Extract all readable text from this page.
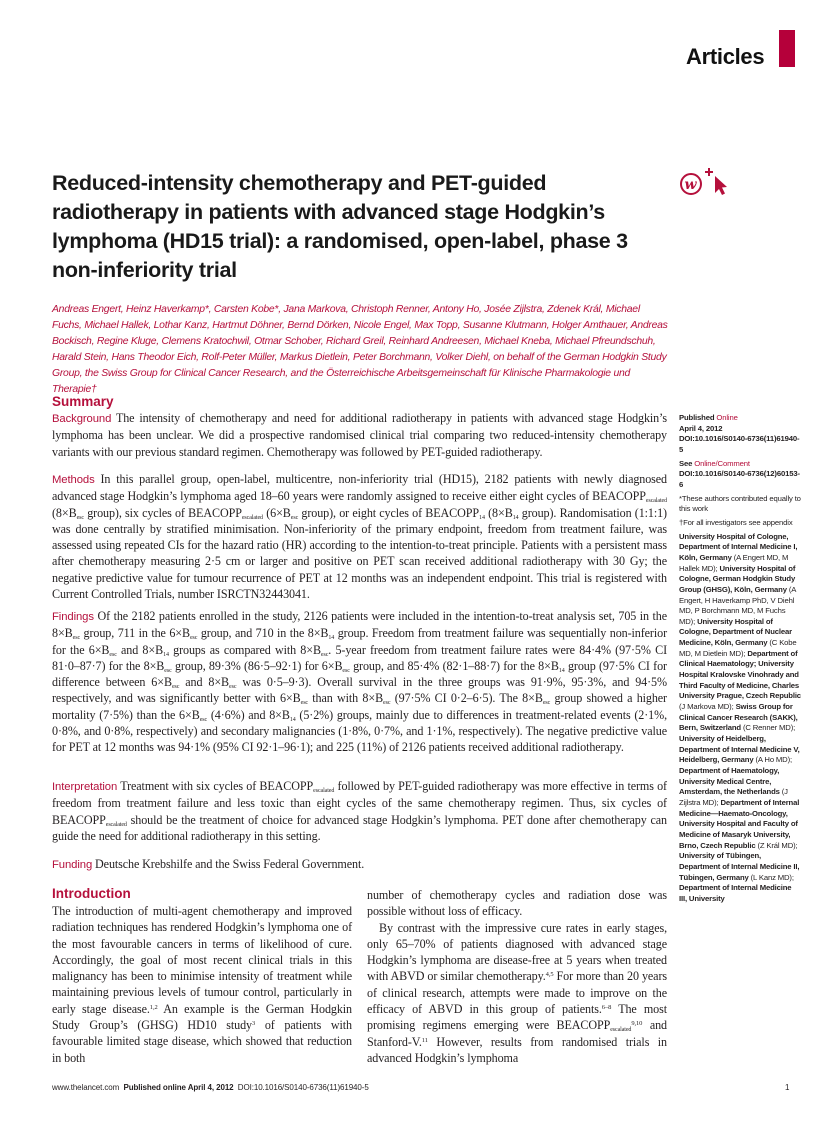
Articles
Reduced-intensity chemotherapy and PET-guided radiotherapy in patients with advanced stage Hodgkin’s lymphoma (HD15 trial): a randomised, open-label, phase 3 non-inferiority trial
w
Andreas Engert, Heinz Haverkamp*, Carsten Kobe*, Jana Markova, Christoph Renner, Antony Ho, Josée Zijlstra, Zdenek Král, Michael Fuchs, Michael Hallek, Lothar Kanz, Hartmut Döhner, Bernd Dörken, Nicole Engel, Max Topp, Susanne Klutmann, Holger Amthauer, Andreas Bockisch, Regine Kluge, Clemens Kratochwil, Otmar Schober, Richard Greil, Reinhard Andreesen, Michael Kneba, Michael Pfreundschuh, Harald Stein, Hans Theodor Eich, Rolf-Peter Müller, Markus Dietlein, Peter Borchmann, Volker Diehl, on behalf of the German Hodgkin Study Group, the Swiss Group for Clinical Cancer Research, and the Österreichische Arbeitsgemeinschaft für Klinische Pharmakologie und Therapie†
Summary

Background The intensity of chemotherapy and need for additional radiotherapy in patients with advanced stage Hodgkin’s lymphoma has been unclear. We did a prospective randomised clinical trial comparing two reduced-intensity chemotherapy variants with our previous standard regimen. Chemotherapy was followed by PET-guided radiotherapy.

Methods In this parallel group, open-label, multicentre, non-inferiority trial (HD15), 2182 patients with newly diagnosed advanced stage Hodgkin’s lymphoma aged 18–60 years were randomly assigned to receive either eight cycles of $BEACOPP_{escalated}$ ($8\times B_{esc}$ group), six cycles of $BEACOPP_{escalated}$ ($6\times B_{esc}$ group), or eight cycles of $BEACOPP_{14}$ ($8\times B_{14}$ group). Randomisation (1:1:1) was done centrally by stratified minimisation. Non-inferiority of the primary endpoint, freedom from treatment failure, was assessed using repeated CIs for the hazard ratio (HR) according to the intention-to-treat principle. Patients with a persistent mass after chemotherapy measuring 2·5 cm or larger and positive on PET scan received additional radiotherapy with 30 Gy; the negative predictive value for tumour recurrence of PET at 12 months was an independent endpoint. This trial is registered with Current Controlled Trials, number ISRCTN32443041.

Findings Of the 2182 patients enrolled in the study, 2126 patients were included in the intention-to-treat analysis set, 705 in the $8\times B_{esc}$ group, 711 in the $6\times B_{esc}$ group, and 710 in the $8\times B_{14}$ group. Freedom from treatment failure was sequentially non-inferior for the $6\times B_{esc}$ and $8\times B_{14}$ groups as compared with $8\times B_{esc}$. 5-year freedom from treatment failure rates were 84·4% (97·5% CI 81·0–87·7) for the $8\times B_{esc}$ group, 89·3% (86·5–92·1) for $6\times B_{esc}$ group, and 85·4% (82·1–88·7) for the $8\times B_{14}$ group (97·5% CI for difference between $6\times B_{esc}$ and $8\times B_{esc}$ was 0·5–9·3). Overall survival in the three groups was 91·9%, 95·3%, and 94·5% respectively, and was significantly better with $6\times B_{esc}$ than with $8\times B_{esc}$ (97·5% CI 0·2–6·5). The $8\times B_{esc}$ group showed a higher mortality (7·5%) than the $6\times B_{esc}$ (4·6%) and $8\times B_{14}$ (5·2%) groups, mainly due to differences in treatment-related events (2·1%, 0·8%, and 0·8%, respectively) and secondary malignancies (1·8%, 0·7%, and 1·1%, respectively). The negative predictive value for PET at 12 months was 94·1% (95% CI 92·1–96·1); and 225 (11%) of 2126 patients received additional radiotherapy.

Interpretation Treatment with six cycles of $BEACOPP_{escalated}$ followed by PET-guided radiotherapy was more effective in terms of freedom from treatment failure and less toxic than eight cycles of the same chemotherapy regimen. Thus, six cycles of $BEACOPP_{escalated}$ should be the treatment of choice for advanced stage Hodgkin’s lymphoma. PET done after chemotherapy can guide the need for additional radiotherapy in this setting.

Funding Deutsche Krebshilfe and the Swiss Federal Government.

Introduction
The introduction of multi-agent chemotherapy and improved radiation techniques has rendered Hodgkin’s lymphoma one of the most favourable cancers in terms of likelihood of cure. Accordingly, the goal of most recent clinical trials in this malignancy has been to minimise intensity of treatment while maintaining previous levels of tumour control, particularly in early stage disease.$^{1,2}$ An example is the German Hodgkin Study Group’s (GHSG) HD10 study$^3$ of patients with favourable limited stage disease, which showed that reduction in both
number of chemotherapy cycles and radiation dose was possible without loss of efficacy.
By contrast with the impressive cure rates in early stages, only 65–70% of patients diagnosed with advanced stage Hodgkin’s lymphoma are disease-free at 5 years when treated with ABVD or similar chemotherapy.$^{4,5}$ For more than 20 years of clinical research, attempts were made to improve on the efficacy of ABVD in this group of patients.$^{6-8}$ The most promising regimens emerging were $BEACOPP_{escalated}^{9,10}$ and Stanford-V.$^{11}$ However, results from randomised trials in advanced Hodgkin’s lymphoma
Published Online
April 4, 2012
DOI:10.1016/S0140-6736(11)61940-5
See Online/Comment
DOI:10.1016/S0140-6736(12)60153-6
*These authors contributed equally to this work
†For all investigators see appendix
University Hospital of Cologne, Department of Internal Medicine I, Köln, Germany (A Engert MD, M Hallek MD); University Hospital of Cologne, German Hodgkin Study Group (GHSG), Köln, Germany (A Engert, H Haverkamp PhD, V Diehl MD, P Borchmann MD, M Fuchs MD); University Hospital of Cologne, Department of Nuclear Medicine, Köln, Germany (C Kobe MD, M Dietlein MD); Department of Clinical Haematology; University Hospital Kralovske Vinohrady and Third Faculty of Medicine, Charles University Prague, Czech Republic (J Markova MD); Swiss Group for Clinical Cancer Research (SAKK), Bern, Switzerland (C Renner MD); University of Heidelberg, Department of Internal Medicine V, Heidelberg, Germany (A Ho MD); Department of Haematology, University Medical Centre, Amsterdam, the Netherlands (J Zijlstra MD); Department of Internal Medicine—Haemato-Oncology, University Hospital and Faculty of Medicine of Masaryk University, Brno, Czech Republic (Z Král MD); University of Tübingen, Department of Internal Medicine II, Tübingen, Germany (L Kanz MD); Department of Internal Medicine III, University
www.thelancet.com Published online April 4, 2012 DOI:10.1016/S0140-6736(11)61940-5	1
